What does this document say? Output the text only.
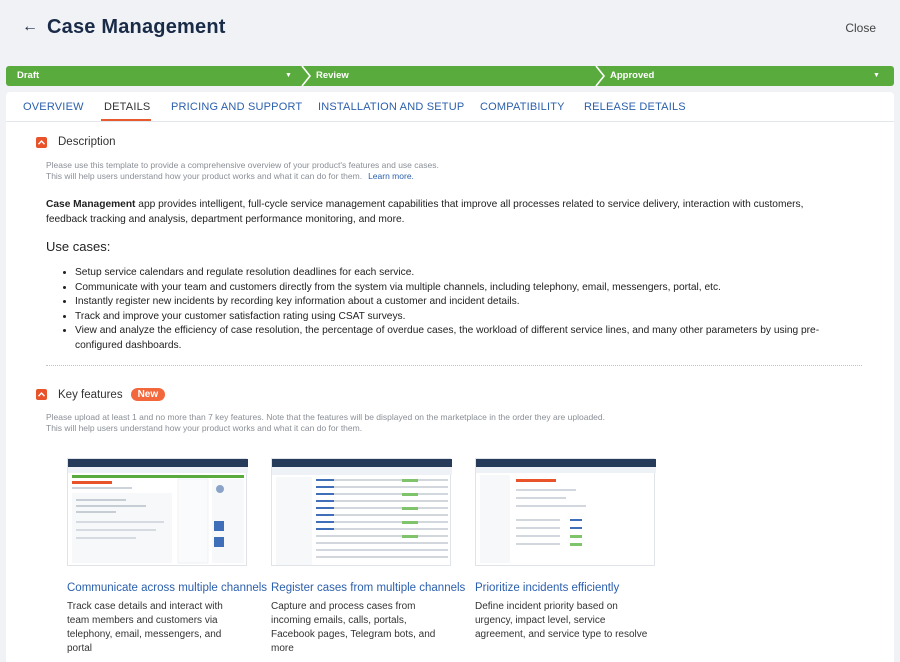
← Case Management	Close
Draft	▼	Review	Approved	▼
OVERVIEW DETAILS PRICING AND SUPPORT INSTALLATION AND SETUP COMPATIBILITY RELEASE DETAILS
Description
Please use this template to provide a comprehensive overview of your product's features and use cases.
This will help users understand how your product works and what it can do for them. Learn more.

Case Management app provides intelligent, full-cycle service management capabilities that improve all processes related to service delivery, interaction with customers, feedback tracking and analysis, department performance monitoring, and more.

Use cases:
• Setup service calendars and regulate resolution deadlines for each service.
• Communicate with your team and customers directly from the system via multiple channels, including telephony, email, messengers, portal, etc.
• Instantly register new incidents by recording key information about a customer and incident details.
• Track and improve your customer satisfaction rating using CSAT surveys.
• View and analyze the efficiency of case resolution, the percentage of overdue cases, the workload of different service lines, and many other parameters by using pre-configured dashboards.
Key features	New
Please upload at least 1 and no more than 7 key features. Note that the features will be displayed on the marketplace in the order they are uploaded.
This will help users understand how your product works and what it can do for them.
Communicate across multiple channels
Track case details and interact with team members and customers via telephony, email, messengers, and portal
Register cases from multiple channels
Capture and process cases from incoming emails, calls, portals, Facebook pages, Telegram bots, and more
Prioritize incidents efficiently
Define incident priority based on urgency, impact level, service agreement, and service type to resolve
